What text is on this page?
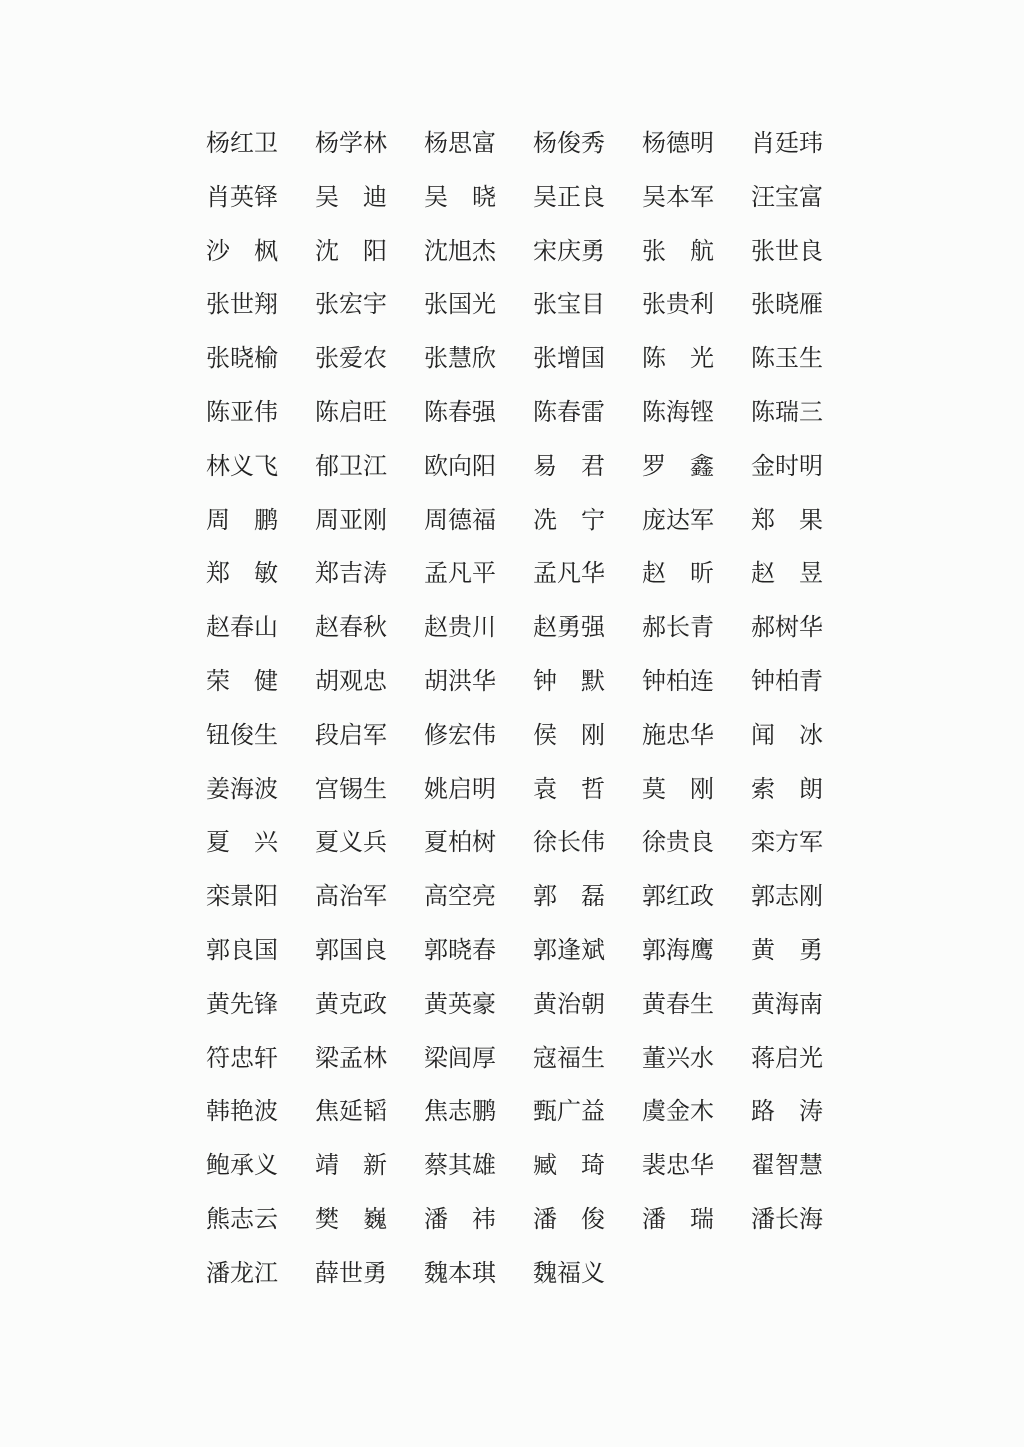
杨红卫	杨学林	杨思富	杨俊秀	杨德明	肖廷玮
肖英铎	吴　迪	吴　晓	吴正良	吴本军	汪宝富
沙　枫	沈　阳	沈旭杰	宋庆勇	张　航	张世良
张世翔	张宏宇	张国光	张宝目	张贵利	张晓雁
张晓榆	张爱农	张慧欣	张增国	陈　光	陈玉生
陈亚伟	陈启旺	陈春强	陈春雷	陈海铿	陈瑞三
林义飞	郁卫江	欧向阳	易　君	罗　鑫	金时明
周　鹏	周亚刚	周德福	冼　宁	庞达军	郑　果
郑　敏	郑吉涛	孟凡平	孟凡华	赵　昕	赵　昱
赵春山	赵春秋	赵贵川	赵勇强	郝长青	郝树华
荣　健	胡观忠	胡洪华	钟　默	钟柏连	钟柏青
钮俊生	段启军	修宏伟	侯　刚	施忠华	闻　冰
姜海波	宫锡生	姚启明	袁　哲	莫　刚	索　朗
夏　兴	夏义兵	夏柏树	徐长伟	徐贵良	栾方军
栾景阳	高治军	高空亮	郭　磊	郭红政	郭志刚
郭良国	郭国良	郭晓春	郭逢斌	郭海鹰	黄　勇
黄先锋	黄克政	黄英豪	黄治朝	黄春生	黄海南
符忠轩	梁孟林	梁闾厚	寇福生	董兴水	蒋启光
韩艳波	焦延韬	焦志鹏	甄广益	虞金木	路　涛
鲍承义	靖　新	蔡其雄	臧　琦	裴忠华	翟智慧
熊志云	樊　巍	潘　祎	潘　俊	潘　瑞	潘长海
潘龙江	薛世勇	魏本琪	魏福义
